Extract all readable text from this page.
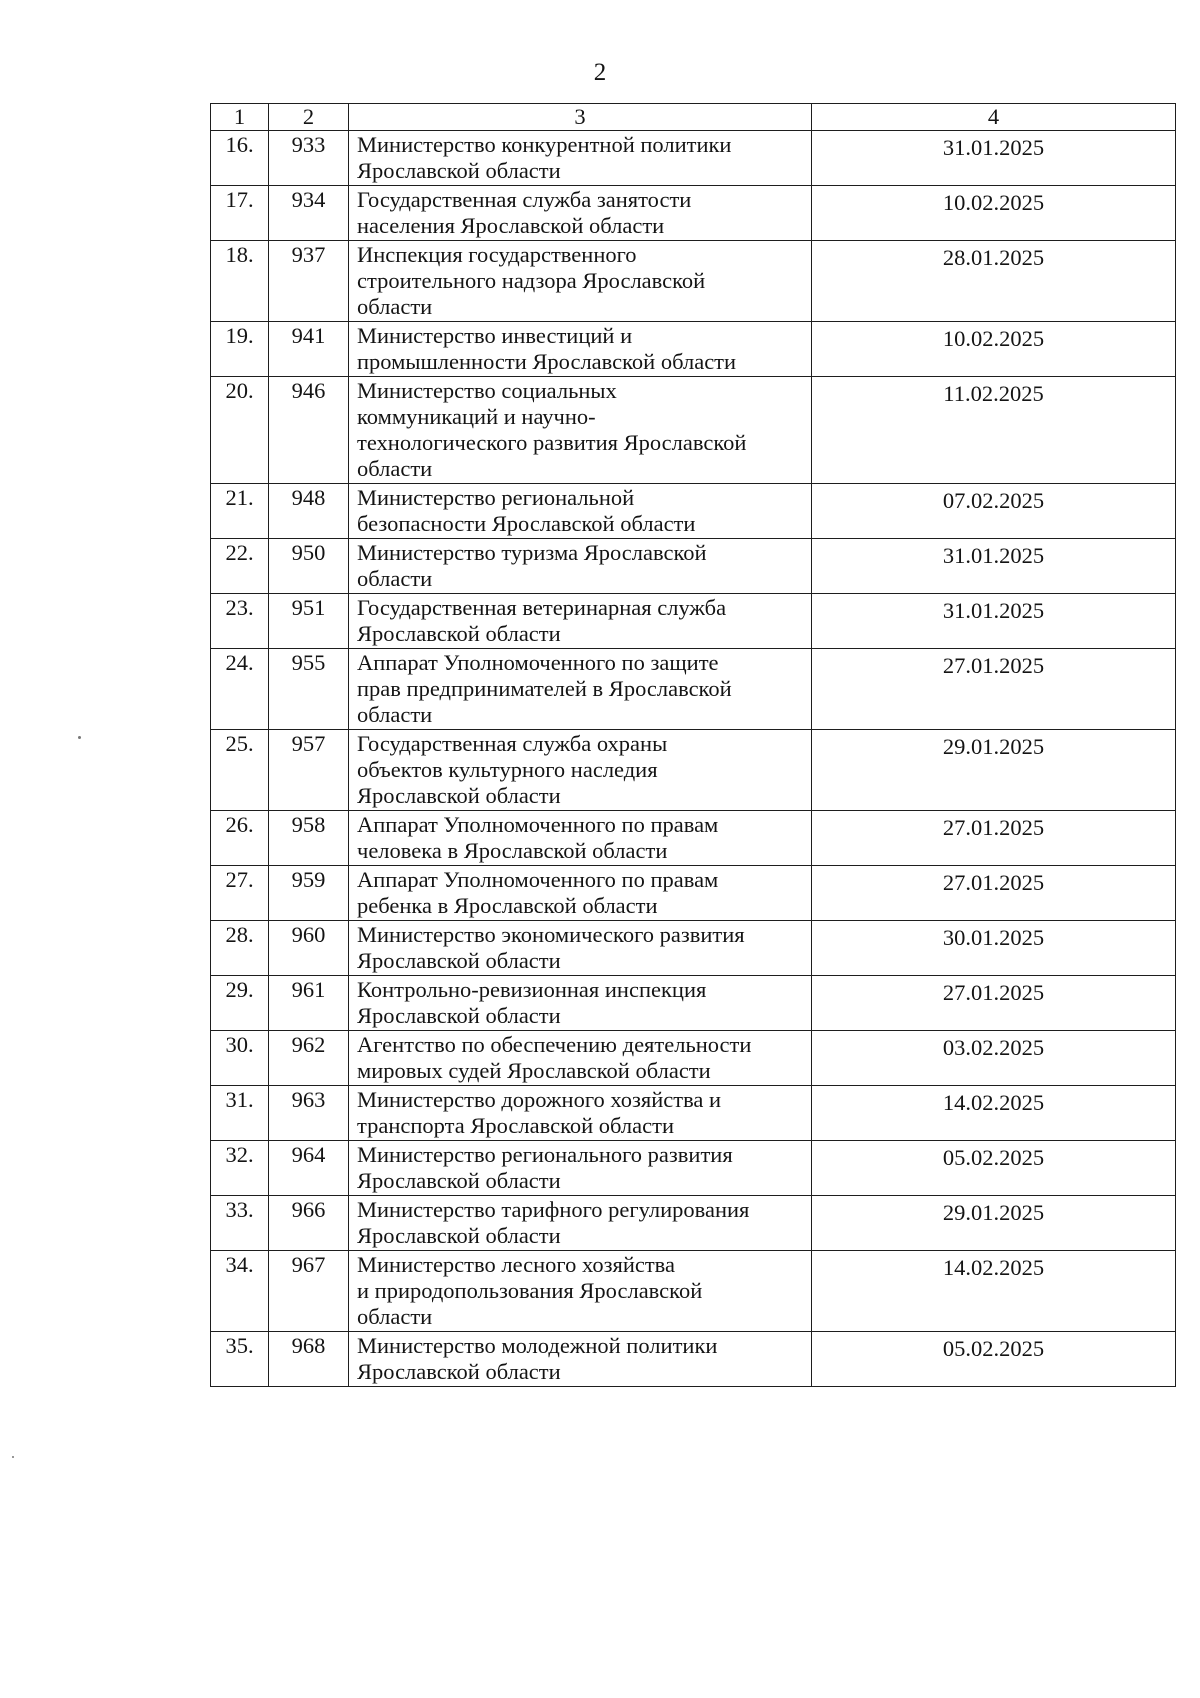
2
1	2	3	4
16.	933	Министерство конкурентной политики
Ярославской области	31.01.2025
17.	934	Государственная служба занятости
населения Ярославской области	10.02.2025
18.	937	Инспекция государственного
строительного надзора Ярославской
области	28.01.2025
19.	941	Министерство инвестиций и
промышленности Ярославской области	10.02.2025
20.	946	Министерство социальных
коммуникаций и научно-
технологического развития Ярославской
области	11.02.2025
21.	948	Министерство региональной
безопасности Ярославской области	07.02.2025
22.	950	Министерство туризма Ярославской
области	31.01.2025
23.	951	Государственная ветеринарная служба
Ярославской области	31.01.2025
24.	955	Аппарат Уполномоченного по защите
прав предпринимателей в Ярославской
области	27.01.2025
25.	957	Государственная служба охраны
объектов культурного наследия
Ярославской области	29.01.2025
26.	958	Аппарат Уполномоченного по правам
человека в Ярославской области	27.01.2025
27.	959	Аппарат Уполномоченного по правам
ребенка в Ярославской области	27.01.2025
28.	960	Министерство экономического развития
Ярославской области	30.01.2025
29.	961	Контрольно-ревизионная инспекция
Ярославской области	27.01.2025
30.	962	Агентство по обеспечению деятельности
мировых судей Ярославской области	03.02.2025
31.	963	Министерство дорожного хозяйства и
транспорта Ярославской области	14.02.2025
32.	964	Министерство регионального развития
Ярославской области	05.02.2025
33.	966	Министерство тарифного регулирования
Ярославской области	29.01.2025
34.	967	Министерство лесного хозяйства
и природопользования Ярославской
области	14.02.2025
35.	968	Министерство молодежной политики
Ярославской области	05.02.2025
